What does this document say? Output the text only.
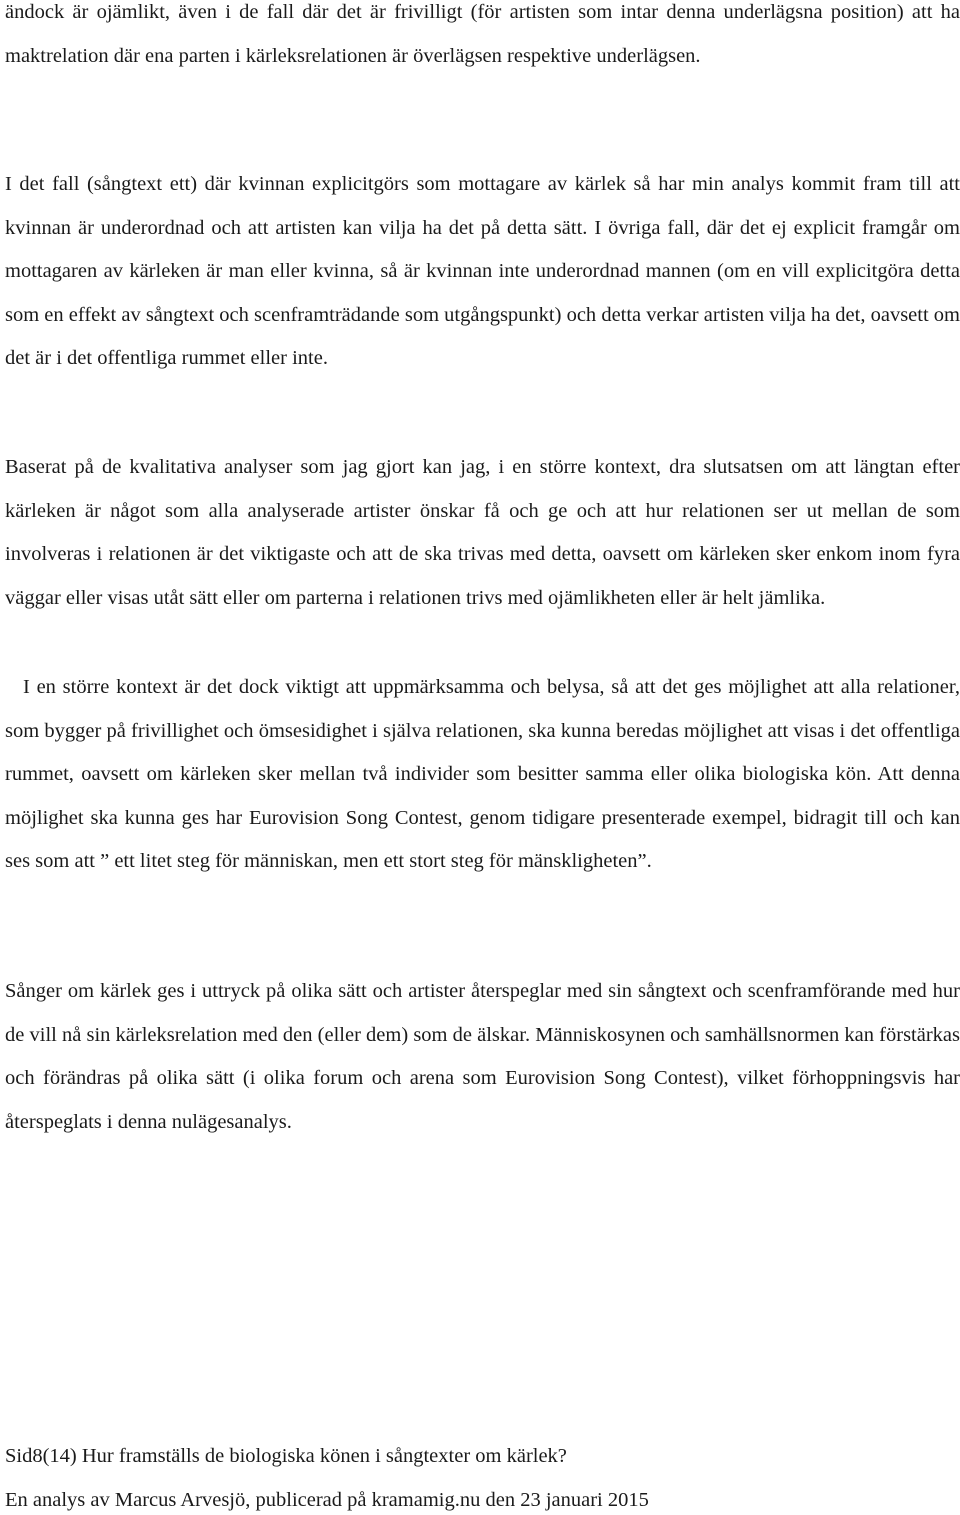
ändock är ojämlikt, även i de fall där det är frivilligt (för artisten som intar denna underlägsna position) att ha maktrelation där ena parten i kärleksrelationen är överlägsen respektive underlägsen.

I det fall (sångtext ett) där kvinnan explicitgörs som mottagare av kärlek så har min analys kommit fram till att kvinnan är underordnad och att artisten kan vilja ha det på detta sätt. I övriga fall, där det ej explicit framgår om mottagaren av kärleken är man eller kvinna, så är kvinnan inte underordnad mannen (om en vill explicitgöra detta som en effekt av sångtext och scenframträdande som utgångspunkt) och detta verkar artisten vilja ha det, oavsett om det är i det offentliga rummet eller inte.

Baserat på de kvalitativa analyser som jag gjort kan jag, i en större kontext, dra slutsatsen om att längtan efter kärleken är något som alla analyserade artister önskar få och ge och att hur relationen ser ut mellan de som involveras i relationen är det viktigaste och att de ska trivas med detta, oavsett om kärleken sker enkom inom fyra väggar eller visas utåt sätt eller om parterna i relationen trivs med ojämlikheten eller är helt jämlika.

I en större kontext är det dock viktigt att uppmärksamma och belysa, så att det ges möjlighet att alla relationer, som bygger på frivillighet och ömsesidighet i själva relationen, ska kunna beredas möjlighet att visas i det offentliga rummet, oavsett om kärleken sker mellan två individer som besitter samma eller olika biologiska kön. Att denna möjlighet ska kunna ges har Eurovision Song Contest, genom tidigare presenterade exempel, bidragit till och kan ses som att ” ett litet steg för människan, men ett stort steg för mänskligheten”.

Sånger om kärlek ges i uttryck på olika sätt och artister återspeglar med sin sångtext och scenframförande med hur de vill nå sin kärleksrelation med den (eller dem) som de älskar. Människosynen och samhällsnormen kan förstärkas och förändras på olika sätt (i olika forum och arena som Eurovision Song Contest), vilket förhoppningsvis har återspeglats i denna nulägesanalys.

Sid8(14) Hur framställs de biologiska könen i sångtexter om kärlek?

En analys av Marcus Arvesjö, publicerad på kramamig.nu den 23 januari 2015
